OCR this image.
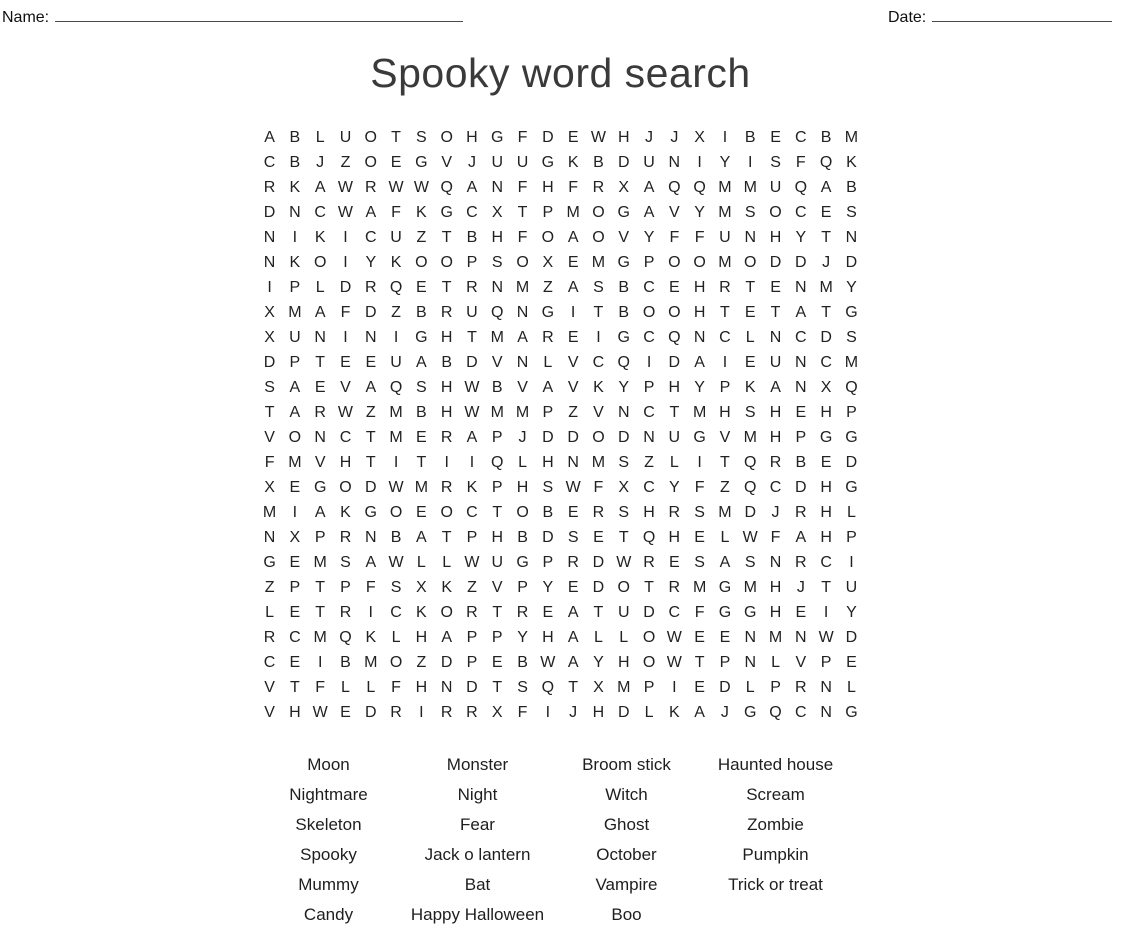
Name:	Date:
Spooky word search
A B L U O T S O H G F D E W H J	J X	I	B E C B M
C B J	Z O E G V J U U G K B D U N	I	Y	I	S F Q K
R K A W R W W Q A N F H F R X A Q Q M M U Q A B
D N C W A F K G C X T P M O G A V Y M S O C E S
N	I	K	I	C U Z T B H F O A O V Y F F U N H Y T N
N K O	I	Y K O O P S O X E M G P O O M O D D J D
I	P L D R Q E T R N M Z A S B C E H R T E N M Y
X M A F D Z B R U Q N G	I	T B O O H T E T A T G
X U N	I	N	I	G H T M A R E	I	G C Q N C L N C D S
D P T E E U A B D V N L V C Q	I	D A	I	E U N C M
S A E V A Q S H W B V A V K Y P H Y P K A N X Q
T A R W Z M B H W M M P Z V N C T M H S H E H P
V O N C T M E R A P J D D O D N U G V M H P G G
F M V H T	I	T	I	I	Q L H N M S Z L	I	T Q R B E D
X E G O D W M R K P H S W F X C Y F Z Q C D H G
M	I	A K G O E O C T O B E R S H R S M D J R H L
N X P R N B A T P H B D S E T Q H E L W F A H P
G E M S A W L	L W U G P R D W R E S A S N R C	I
Z P T P F S X K Z V P Y E D O T R M G M H J	T U
L E T R	I	C K O R T R E A T U D C F G G H E	I	Y
R C M Q K L H A P P Y H A L	L O W E E N M N W D
C E	I	B M O Z D P E B W A Y H O W T P N L V P E
V T F L	L F H N D T S Q T X M P	I	E D L P R N L
V H W E D R	I	R R X F	I	J H D L K A J G Q C N G
Moon	Monster	Broom stick	Haunted house
Nightmare	Night	Witch	Scream
Skeleton	Fear	Ghost	Zombie
Spooky	Jack o lantern	October	Pumpkin
Mummy	Bat	Vampire	Trick or treat
Candy	Happy Halloween	Boo
